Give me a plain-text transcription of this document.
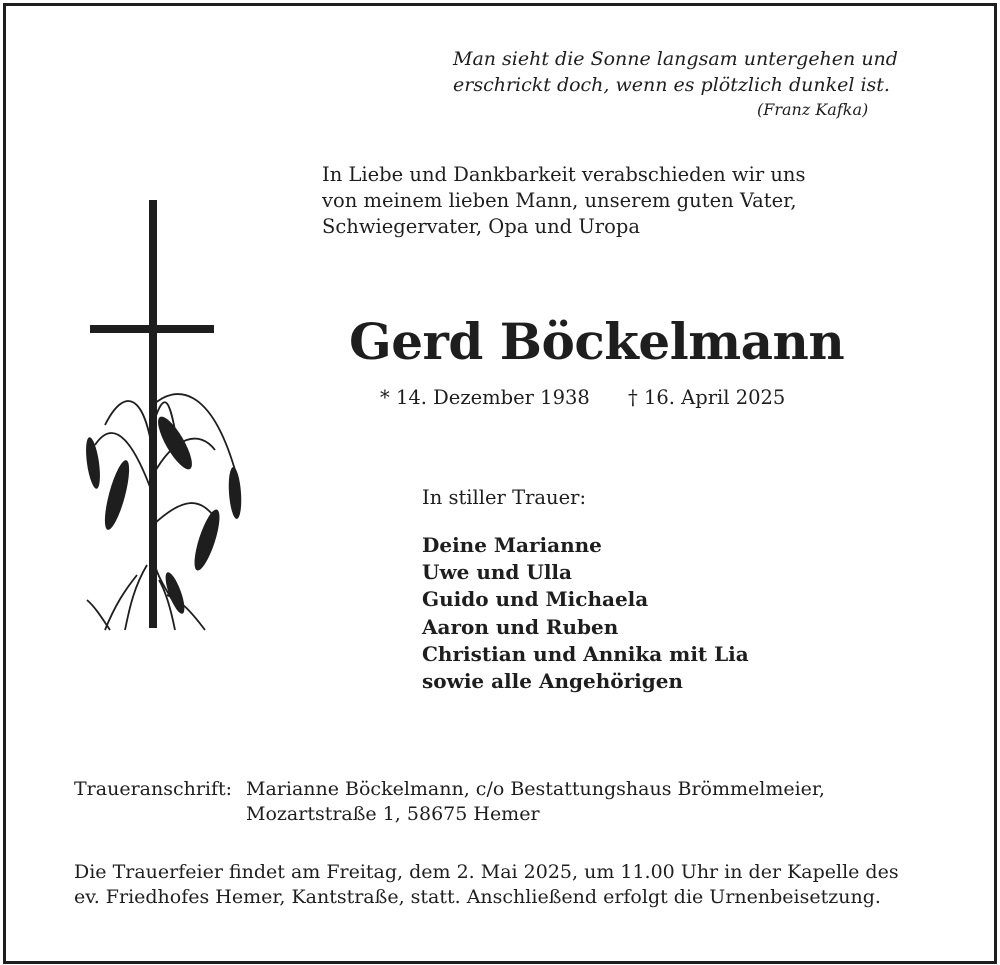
Man sieht die Sonne langsam untergehen und
erschrickt doch, wenn es plötzlich dunkel ist.
(Franz Kafka)
In Liebe und Dankbarkeit verabschieden wir uns
von meinem lieben Mann, unserem guten Vater,
Schwiegervater, Opa und Uropa
Gerd Böckelmann
* 14. Dezember 1938 † 16. April 2025
In stiller Trauer:
Deine Marianne
Uwe und Ulla
Guido und Michaela
Aaron und Ruben
Christian und Annika mit Lia
sowie alle Angehörigen
Traueranschrift: Marianne Böckelmann, c/o Bestattungshaus Brömmelmeier,
Mozartstraße 1, 58675 Hemer
Die Trauerfeier findet am Freitag, dem 2. Mai 2025, um 11.00 Uhr in der Kapelle des
ev. Friedhofes Hemer, Kantstraße, statt. Anschließend erfolgt die Urnenbeisetzung.
